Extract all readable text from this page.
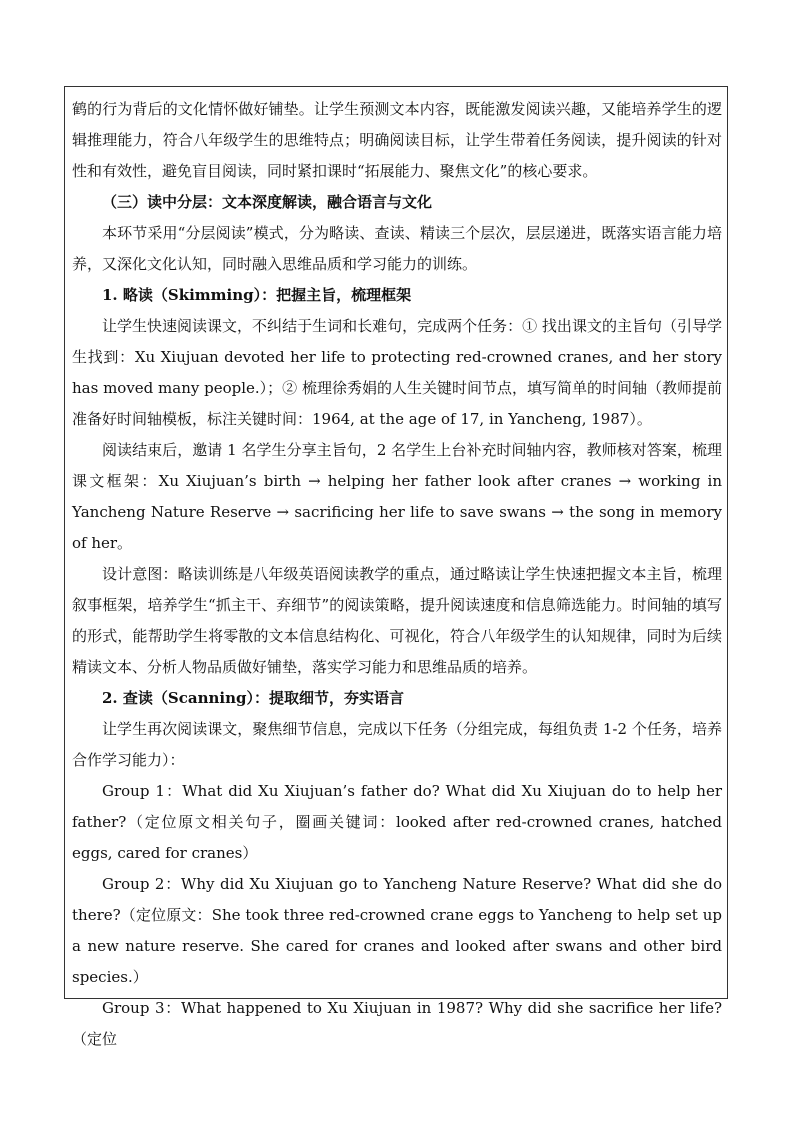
鹤的行为背后的文化情怀做好铺垫。让学生预测文本内容，既能激发阅读兴趣，又能培养学生的逻辑推理能力，符合八年级学生的思维特点；明确阅读目标，让学生带着任务阅读，提升阅读的针对性和有效性，避免盲目阅读，同时紧扣课时“拓展能力、聚焦文化”的核心要求。

（三）读中分层：文本深度解读，融合语言与文化

本环节采用“分层阅读”模式，分为略读、查读、精读三个层次，层层递进，既落实语言能力培养，又深化文化认知，同时融入思维品质和学习能力的训练。

1. 略读（Skimming）：把握主旨，梳理框架

让学生快速阅读课文，不纠结于生词和长难句，完成两个任务：① 找出课文的主旨句（引导学生找到：Xu Xiujuan devoted her life to protecting red-crowned cranes, and her story has moved many people.）；② 梳理徐秀娟的人生关键时间节点，填写简单的时间轴（教师提前准备好时间轴模板，标注关键时间：1964, at the age of 17, in Yancheng, 1987）。

阅读结束后，邀请 1 名学生分享主旨句，2 名学生上台补充时间轴内容，教师核对答案，梳理课文框架：Xu Xiujuan’s birth → helping her father look after cranes → working in Yancheng Nature Reserve → sacrificing her life to save swans → the song in memory of her。

设计意图：略读训练是八年级英语阅读教学的重点，通过略读让学生快速把握文本主旨，梳理叙事框架，培养学生“抓主干、弃细节”的阅读策略，提升阅读速度和信息筛选能力。时间轴的填写的形式，能帮助学生将零散的文本信息结构化、可视化，符合八年级学生的认知规律，同时为后续精读文本、分析人物品质做好铺垫，落实学习能力和思维品质的培养。

2. 查读（Scanning）：提取细节，夯实语言

让学生再次阅读课文，聚焦细节信息，完成以下任务（分组完成，每组负责 1-2 个任务，培养合作学习能力）：

Group 1：What did Xu Xiujuan’s father do? What did Xu Xiujuan do to help her father?（定位原文相关句子，圈画关键词：looked after red-crowned cranes, hatched eggs, cared for cranes）

Group 2：Why did Xu Xiujuan go to Yancheng Nature Reserve? What did she do there?（定位原文：She took three red-crowned crane eggs to Yancheng to help set up a new nature reserve. She cared for cranes and looked after swans and other bird species.）

Group 3：What happened to Xu Xiujuan in 1987? Why did she sacrifice her life?（定位
